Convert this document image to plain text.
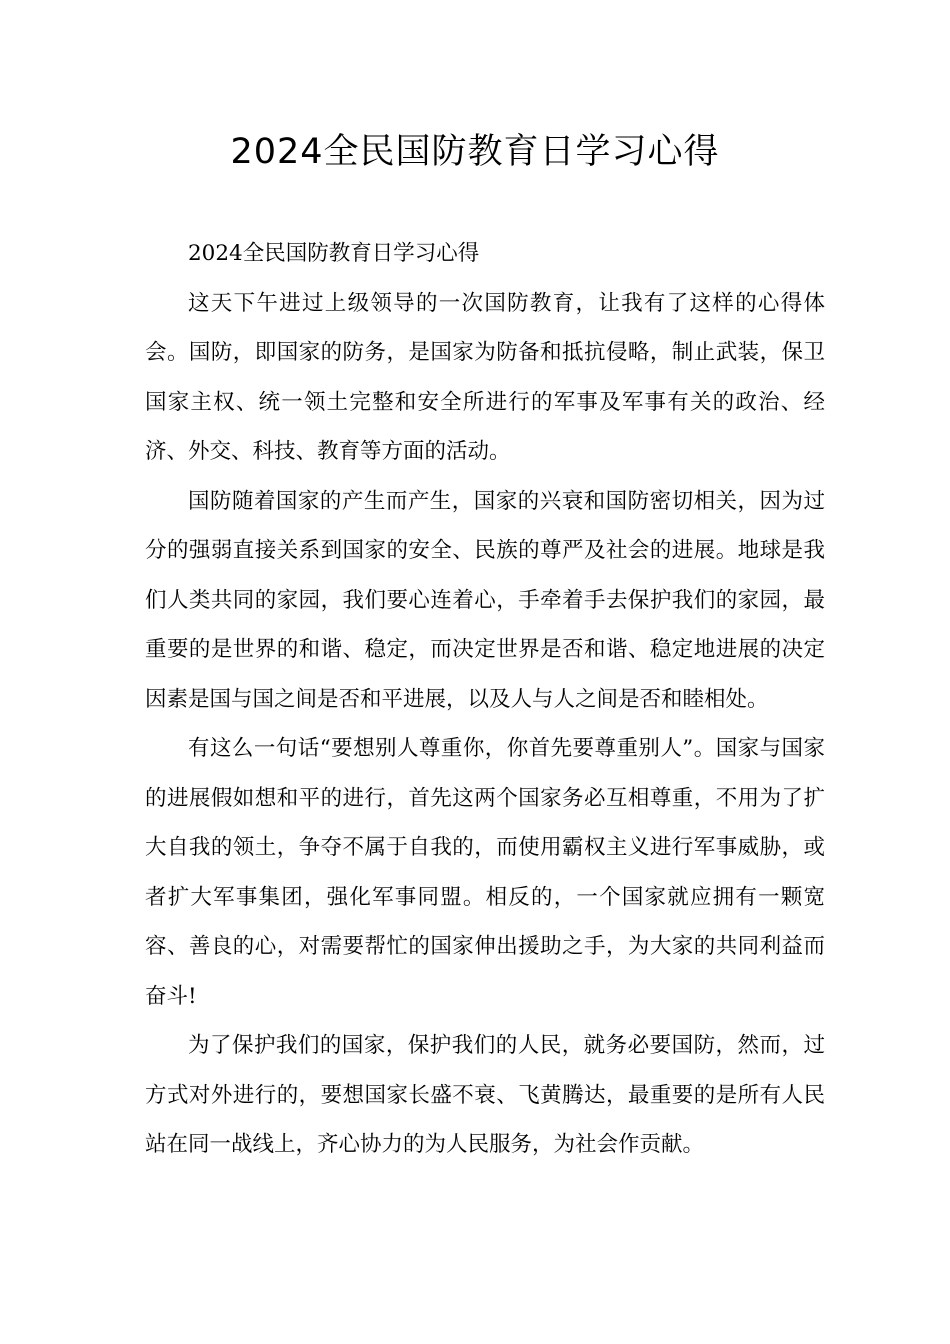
2024全民国防教育日学习心得

2024全民国防教育日学习心得

这天下午进过上级领导的一次国防教育，让我有了这样的心得体会。国防，即国家的防务，是国家为防备和抵抗侵略，制止武装，保卫国家主权、统一领土完整和安全所进行的军事及军事有关的政治、经济、外交、科技、教育等方面的活动。

国防随着国家的产生而产生，国家的兴衰和国防密切相关，因为过分的强弱直接关系到国家的安全、民族的尊严及社会的进展。地球是我们人类共同的家园，我们要心连着心，手牵着手去保护我们的家园，最重要的是世界的和谐、稳定，而决定世界是否和谐、稳定地进展的决定因素是国与国之间是否和平进展，以及人与人之间是否和睦相处。

有这么一句话“要想别人尊重你，你首先要尊重别人”。国家与国家的进展假如想和平的进行，首先这两个国家务必互相尊重，不用为了扩大自我的领土，争夺不属于自我的，而使用霸权主义进行军事威胁，或者扩大军事集团，强化军事同盟。相反的，一个国家就应拥有一颗宽容、善良的心，对需要帮忙的国家伸出援助之手，为大家的共同利益而奋斗!

为了保护我们的国家，保护我们的人民，就务必要国防，然而，过方式对外进行的，要想国家长盛不衰、飞黄腾达，最重要的是所有人民站在同一战线上，齐心协力的为人民服务，为社会作贡献。
